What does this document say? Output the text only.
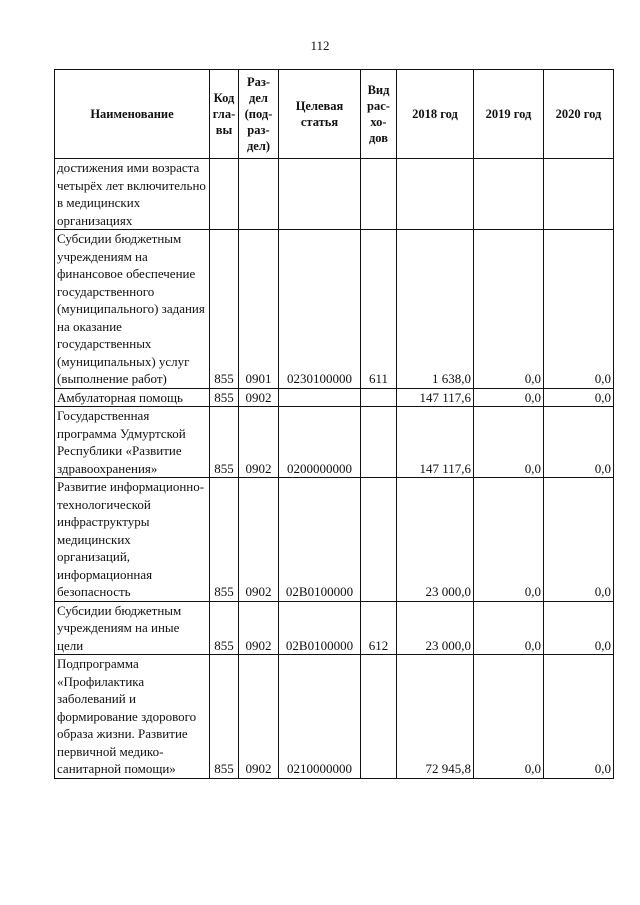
112
Наименование	Код гла- вы	Раз- дел (под- раз- дел)	Целевая статья	Вид рас- хо- дов	2018 год	2019 год	2020 год
достижения ими возраста четырёх лет включительно в медицинских организациях							
Субсидии бюджетным учреждениям на финансовое обеспечение государственного (муниципального) задания на оказание государственных (муниципальных) услуг (выполнение работ)	855	0901	0230100000	611	1 638,0	0,0	0,0
Амбулаторная помощь	855	0902			147 117,6	0,0	0,0
Государственная программа Удмуртской Республики «Развитие здравоохранения»	855	0902	0200000000		147 117,6	0,0	0,0
Развитие информационно-технологической инфраструктуры медицинских организаций, информационная безопасность	855	0902	02В0100000		23 000,0	0,0	0,0
Субсидии бюджетным учреждениям на иные цели	855	0902	02В0100000	612	23 000,0	0,0	0,0
Подпрограмма «Профилактика заболеваний и формирование здорового образа жизни. Развитие первичной медико-санитарной помощи»	855	0902	0210000000		72 945,8	0,0	0,0
